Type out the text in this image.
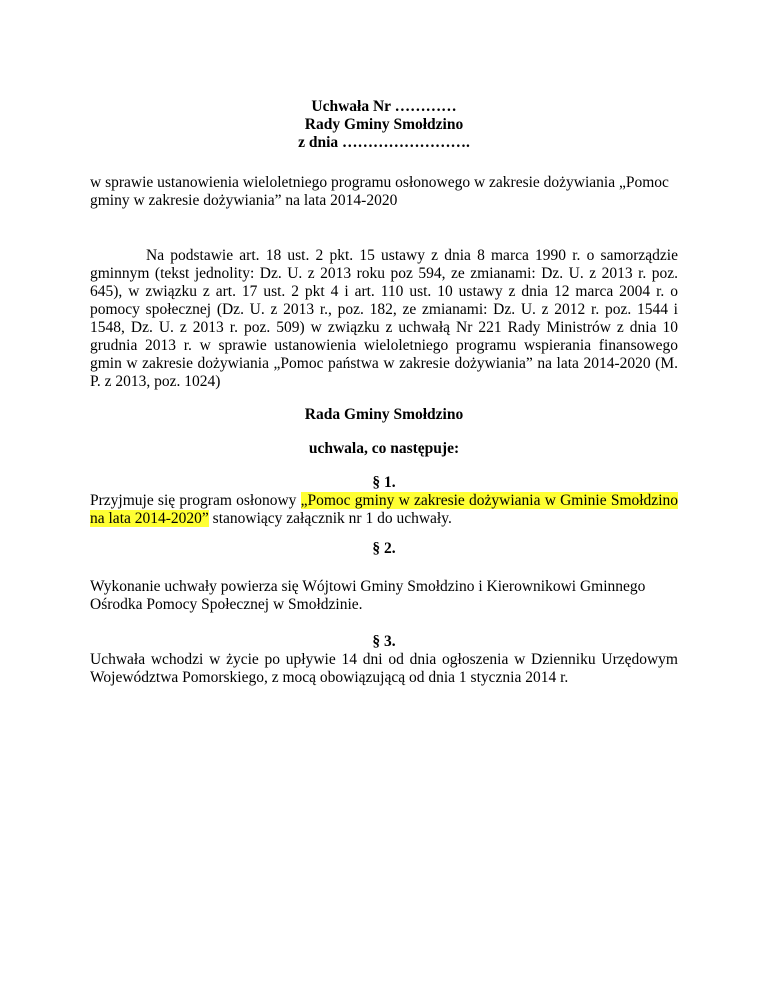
Uchwała Nr …………
Rady Gminy Smołdzino
z dnia …………………….
w sprawie ustanowienia wieloletniego programu osłonowego w zakresie dożywiania „Pomoc gminy w zakresie dożywiania” na lata 2014-2020
Na podstawie art. 18 ust. 2 pkt. 15 ustawy z dnia 8 marca 1990 r. o samorządzie gminnym (tekst jednolity: Dz. U. z 2013 roku poz 594, ze zmianami: Dz. U. z 2013 r. poz. 645), w związku z art. 17 ust. 2 pkt 4 i art. 110 ust. 10 ustawy z dnia 12 marca 2004 r. o pomocy społecznej (Dz. U. z 2013 r., poz. 182, ze zmianami: Dz. U. z 2012 r. poz. 1544 i 1548, Dz. U. z 2013 r. poz. 509) w związku z uchwałą Nr 221 Rady Ministrów z dnia 10 grudnia 2013 r. w sprawie ustanowienia wieloletniego programu wspierania finansowego gmin w zakresie dożywiania „Pomoc państwa w zakresie dożywiania” na lata 2014-2020 (M. P. z 2013, poz. 1024)
Rada Gminy Smołdzino
uchwala, co następuje:
§ 1.
Przyjmuje się program osłonowy „Pomoc gminy w zakresie dożywiania w Gminie Smołdzino na lata 2014-2020” stanowiący załącznik nr 1 do uchwały.
§ 2.
Wykonanie uchwały powierza się Wójtowi Gminy Smołdzino i Kierownikowi Gminnego Ośrodka Pomocy Społecznej w Smołdzinie.
§ 3.
Uchwała wchodzi w życie po upływie 14 dni od dnia ogłoszenia w Dzienniku Urzędowym Województwa Pomorskiego, z mocą obowiązującą od dnia 1 stycznia 2014 r.
